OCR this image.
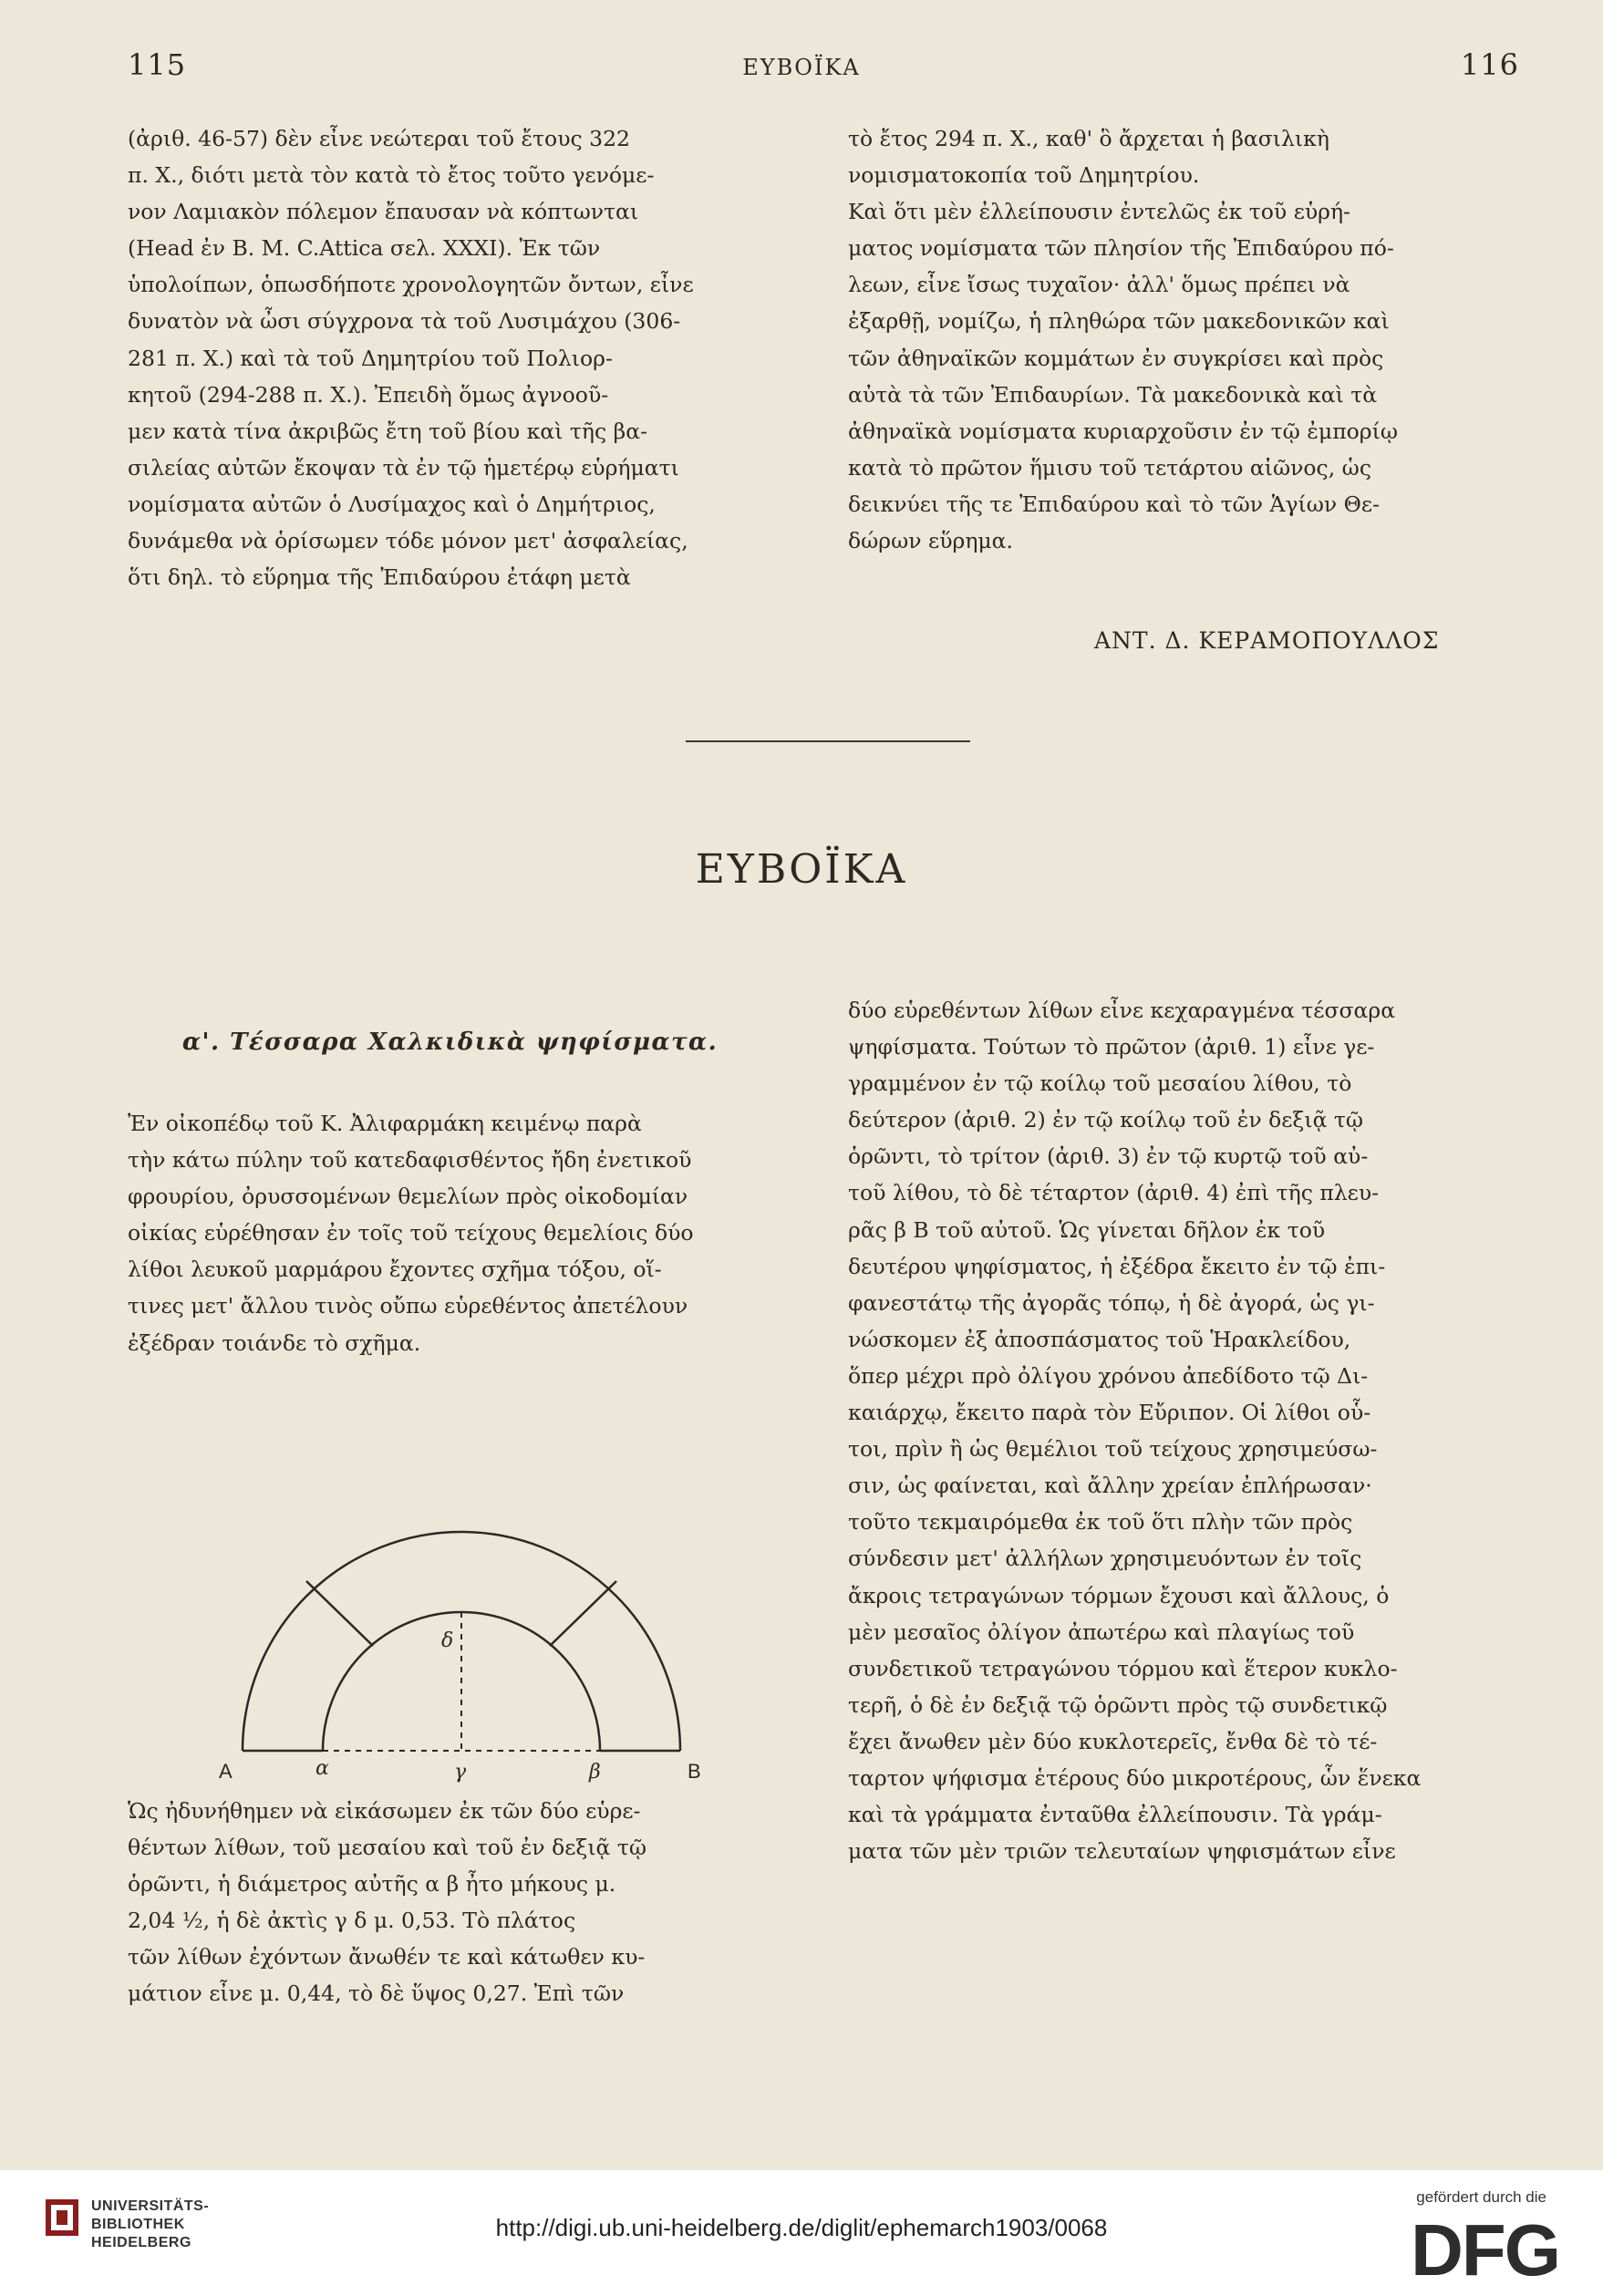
115	ΕΥΒΟΪΚΑ	116
(ἀριθ. 46-57) δὲν εἶνε νεώτεραι τοῦ ἔτους 322
π. Χ., διότι μετὰ τὸν κατὰ τὸ ἔτος τοῦτο γενόμε-
νον Λαμιακὸν πόλεμον ἔπαυσαν νὰ κόπτωνται
(Head ἐν B. M. C.Attica σελ. XXXI). Ἐκ τῶν
ὑπολοίπων, ὁπωσδήποτε χρονολογητῶν ὄντων, εἶνε
δυνατὸν νὰ ὦσι σύγχρονα τὰ τοῦ Λυσιμάχου (306-
281 π. Χ.) καὶ τὰ τοῦ Δημητρίου τοῦ Πολιορ-
κητοῦ (294-288 π. Χ.). Ἐπειδὴ ὅμως ἀγνοοῦ-
μεν κατὰ τίνα ἀκριβῶς ἔτη τοῦ βίου καὶ τῆς βα-
σιλείας αὐτῶν ἔκοψαν τὰ ἐν τῷ ἡμετέρῳ εὑρήματι
νομίσματα αὐτῶν ὁ Λυσίμαχος καὶ ὁ Δημήτριος,
δυνάμεθα νὰ ὁρίσωμεν τόδε μόνον μετ' ἀσφαλείας,
ὅτι δηλ. τὸ εὕρημα τῆς Ἐπιδαύρου ἐτάφη μετὰ
τὸ ἔτος 294 π. Χ., καθ' ὃ ἄρχεται ἡ βασιλικὴ
νομισματοκοπία τοῦ Δημητρίου.
Καὶ ὅτι μὲν ἐλλείπουσιν ἐντελῶς ἐκ τοῦ εὑρή-
ματος νομίσματα τῶν πλησίον τῆς Ἐπιδαύρου πό-
λεων, εἶνε ἴσως τυχαῖον· ἀλλ' ὅμως πρέπει νὰ
ἐξαρθῇ, νομίζω, ἡ πληθώρα τῶν μακεδονικῶν καὶ
τῶν ἀθηναϊκῶν κομμάτων ἐν συγκρίσει καὶ πρὸς
αὐτὰ τὰ τῶν Ἐπιδαυρίων. Τὰ μακεδονικὰ καὶ τὰ
ἀθηναϊκὰ νομίσματα κυριαρχοῦσιν ἐν τῷ ἐμπορίῳ
κατὰ τὸ πρῶτον ἥμισυ τοῦ τετάρτου αἰῶνος, ὡς
δεικνύει τῆς τε Ἐπιδαύρου καὶ τὸ τῶν Ἁγίων Θε-
δώρων εὕρημα.
ΑΝΤ. Δ. ΚΕΡΑΜΟΠΟΥΛΛΟΣ
ΕΥΒΟΪΚΑ
α'. Τέσσαρα Χαλκιδικὰ ψηφίσματα.
Ἐν οἰκοπέδῳ τοῦ Κ. Ἀλιφαρμάκη κειμένῳ παρὰ
τὴν κάτω πύλην τοῦ κατεδαφισθέντος ἤδη ἐνετικοῦ
φρουρίου, ὀρυσσομένων θεμελίων πρὸς οἰκοδομίαν
οἰκίας εὑρέθησαν ἐν τοῖς τοῦ τείχους θεμελίοις δύο
λίθοι λευκοῦ μαρμάρου ἔχοντες σχῆμα τόξου, οἵ-
τινες μετ' ἄλλου τινὸς οὔπω εὑρεθέντος ἀπετέλουν
ἐξέδραν τοιάνδε τὸ σχῆμα.
A	α	γ	β	B
δ
Ὡς ἠδυνήθημεν νὰ εἰκάσωμεν ἐκ τῶν δύο εὑρε-
θέντων λίθων, τοῦ μεσαίου καὶ τοῦ ἐν δεξιᾷ τῷ
ὁρῶντι, ἡ διάμετρος αὐτῆς α β ἦτο μήκους μ.
2,04 ½, ἡ δὲ ἀκτὶς γ δ μ. 0,53. Τὸ πλάτος
τῶν λίθων ἐχόντων ἄνωθέν τε καὶ κάτωθεν κυ-
μάτιον εἶνε μ. 0,44, τὸ δὲ ὕψος 0,27. Ἐπὶ τῶν
δύο εὑρεθέντων λίθων εἶνε κεχαραγμένα τέσσαρα
ψηφίσματα. Τούτων τὸ πρῶτον (ἀριθ. 1) εἶνε γε-
γραμμένον ἐν τῷ κοίλῳ τοῦ μεσαίου λίθου, τὸ
δεύτερον (ἀριθ. 2) ἐν τῷ κοίλῳ τοῦ ἐν δεξιᾷ τῷ
ὁρῶντι, τὸ τρίτον (ἀριθ. 3) ἐν τῷ κυρτῷ τοῦ αὐ-
τοῦ λίθου, τὸ δὲ τέταρτον (ἀριθ. 4) ἐπὶ τῆς πλευ-
ρᾶς β B τοῦ αὐτοῦ. Ὡς γίνεται δῆλον ἐκ τοῦ
δευτέρου ψηφίσματος, ἡ ἐξέδρα ἔκειτο ἐν τῷ ἐπι-
φανεστάτῳ τῆς ἀγορᾶς τόπῳ, ἡ δὲ ἀγορά, ὡς γι-
νώσκομεν ἐξ ἀποσπάσματος τοῦ Ἡρακλείδου,
ὅπερ μέχρι πρὸ ὀλίγου χρόνου ἀπεδίδοτο τῷ Δι-
καιάρχῳ, ἔκειτο παρὰ τὸν Εὔριπον. Οἱ λίθοι οὗ-
τοι, πρὶν ἢ ὡς θεμέλιοι τοῦ τείχους χρησιμεύσω-
σιν, ὡς φαίνεται, καὶ ἄλλην χρείαν ἐπλήρωσαν·
τοῦτο τεκμαιρόμεθα ἐκ τοῦ ὅτι πλὴν τῶν πρὸς
σύνδεσιν μετ' ἀλλήλων χρησιμευόντων ἐν τοῖς
ἄκροις τετραγώνων τόρμων ἔχουσι καὶ ἄλλους, ὁ
μὲν μεσαῖος ὀλίγον ἀπωτέρω καὶ πλαγίως τοῦ
συνδετικοῦ τετραγώνου τόρμου καὶ ἕτερον κυκλο-
τερῆ, ὁ δὲ ἐν δεξιᾷ τῷ ὁρῶντι πρὸς τῷ συνδετικῷ
ἔχει ἄνωθεν μὲν δύο κυκλοτερεῖς, ἔνθα δὲ τὸ τέ-
ταρτον ψήφισμα ἑτέρους δύο μικροτέρους, ὧν ἕνεκα
καὶ τὰ γράμματα ἐνταῦθα ἐλλείπουσιν. Τὰ γράμ-
ματα τῶν μὲν τριῶν τελευταίων ψηφισμάτων εἶνε
UNIVERSITÄTS-
BIBLIOTHEK
HEIDELBERG
http://digi.ub.uni-heidelberg.de/diglit/ephemarch1903/0068
gefördert durch die
DFG
